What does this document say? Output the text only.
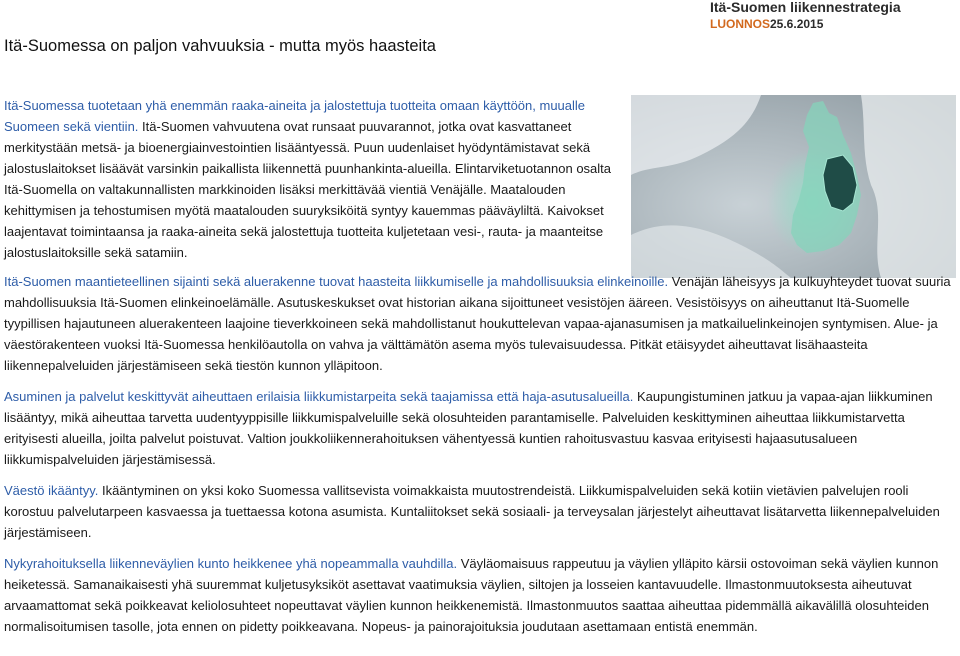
Itä-Suomen liikennestrategia
LUONNOS25.6.2015
Itä-Suomessa on paljon vahvuuksia - mutta myös haasteita

Itä-Suomessa tuotetaan yhä enemmän raaka-aineita ja jalostettuja tuotteita omaan käyttöön, muualle Suomeen sekä vientiin. Itä-Suomen vahvuutena ovat runsaat puuvarannot, jotka ovat kasvattaneet merkitystään metsä- ja bioenergiainvestointien lisääntyessä. Puun uudenlaiset hyödyntämistavat sekä jalostuslaitokset lisäävät varsinkin paikallista liikennettä puunhankinta-alueilla. Elintarviketuotannon osalta Itä-Suomella on valtakunnallisten markkinoiden lisäksi merkittävää vientiä Venäjälle. Maatalouden kehittymisen ja tehostumisen myötä maatalouden suuryksiköitä syntyy kauemmas pääväyliltä. Kaivokset laajentavat toimintaansa ja raaka-aineita sekä jalostettuja tuotteita kuljetetaan vesi-, rauta- ja maanteitse jalostuslaitoksille sekä satamiin.

Itä-Suomen maantieteellinen sijainti sekä aluerakenne tuovat haasteita liikkumiselle ja mahdollisuuksia elinkeinoille. Venäjän läheisyys ja kulkuyhteydet tuovat suuria mahdollisuuksia Itä-Suomen elinkeinoelämälle. Asutuskeskukset ovat historian aikana sijoittuneet vesistöjen ääreen. Vesistöisyys on aiheuttanut Itä-Suomelle tyypillisen hajautuneen aluerakenteen laajoine tieverkkoineen sekä mahdollistanut houkuttelevan vapaa-ajanasumisen ja matkailuelinkeinojen syntymisen. Alue- ja väestörakenteen vuoksi Itä-Suomessa henkilöautolla on vahva ja välttämätön asema myös tulevaisuudessa. Pitkät etäisyydet aiheuttavat lisähaasteita liikennepalveluiden järjestämiseen sekä tiestön kunnon ylläpitoon.

Asuminen ja palvelut keskittyvät aiheuttaen erilaisia liikkumistarpeita sekä taajamissa että haja-asutusalueilla. Kaupungistuminen jatkuu ja vapaa-ajan liikkuminen lisääntyy, mikä aiheuttaa tarvetta uudentyyppisille liikkumispalveluille sekä olosuhteiden parantamiselle. Palveluiden keskittyminen aiheuttaa liikkumistarvetta erityisesti alueilla, joilta palvelut poistuvat. Valtion joukkoliikennerahoituksen vähentyessä kuntien rahoitusvastuu kasvaa erityisesti hajaasutusalueen liikkumispalveluiden järjestämisessä.

Väestö ikääntyy. Ikääntyminen on yksi koko Suomessa vallitsevista voimakkaista muutostrendeistä. Liikkumispalveluiden sekä kotiin vietävien palvelujen rooli korostuu palvelutarpeen kasvaessa ja tuettaessa kotona asumista. Kuntaliitokset sekä sosiaali- ja terveysalan järjestelyt aiheuttavat lisätarvetta liikennepalveluiden järjestämiseen.

Nykyrahoituksella liikenneväylien kunto heikkenee yhä nopeammalla vauhdilla. Väyläomaisuus rappeutuu ja väylien ylläpito kärsii ostovoiman sekä väylien kunnon heiketessä. Samanaikaisesti yhä suuremmat kuljetusyksiköt asettavat vaatimuksia väylien, siltojen ja losseien kantavuudelle. Ilmastonmuutoksesta aiheutuvat arvaamattomat sekä poikkeavat keliolosuhteet nopeuttavat väylien kunnon heikkenemistä. Ilmastonmuutos saattaa aiheuttaa pidemmällä aikavälillä olosuhteiden normalisoitumisen tasolle, jota ennen on pidetty poikkeavana. Nopeus- ja painorajoituksia joudutaan asettamaan entistä enemmän.
